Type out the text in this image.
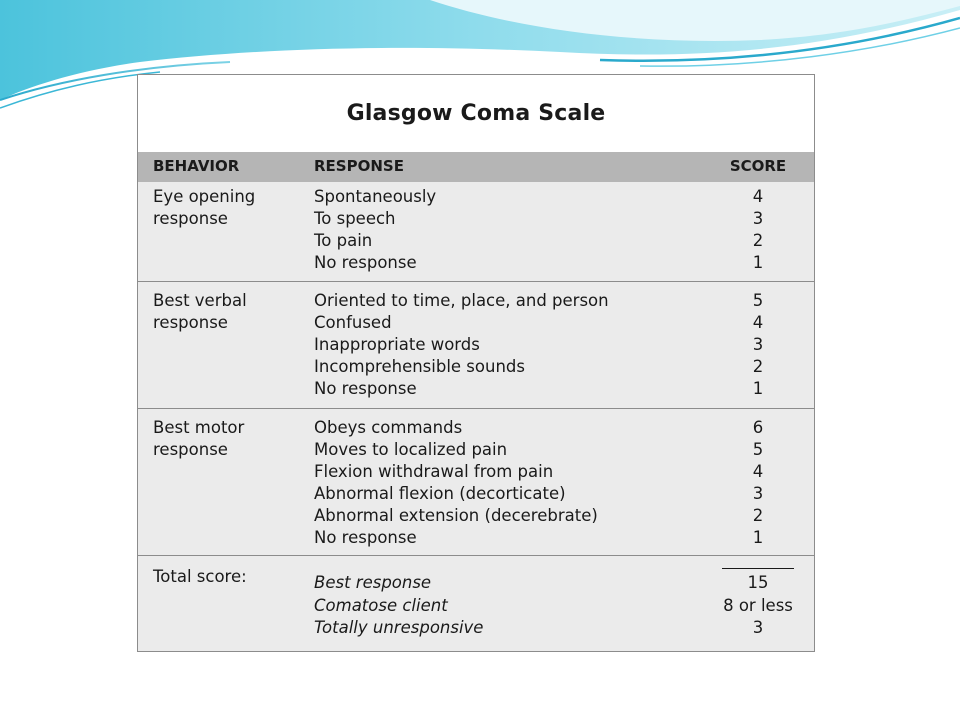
Glasgow Coma Scale
BEHAVIOR	RESPONSE	SCORE
Eye opening
response
Spontaneously	4
To speech	3
To pain	2
No response	1
Best verbal
response
Oriented to time, place, and person	5
Confused	4
Inappropriate words	3
Incomprehensible sounds	2
No response	1
Best motor
response
Obeys commands	6
Moves to localized pain	5
Flexion withdrawal from pain	4
Abnormal flexion (decorticate)	3
Abnormal extension (decerebrate)	2
No response	1
Total score:	Best response	15
Comatose client	8 or less
Totally unresponsive	3
